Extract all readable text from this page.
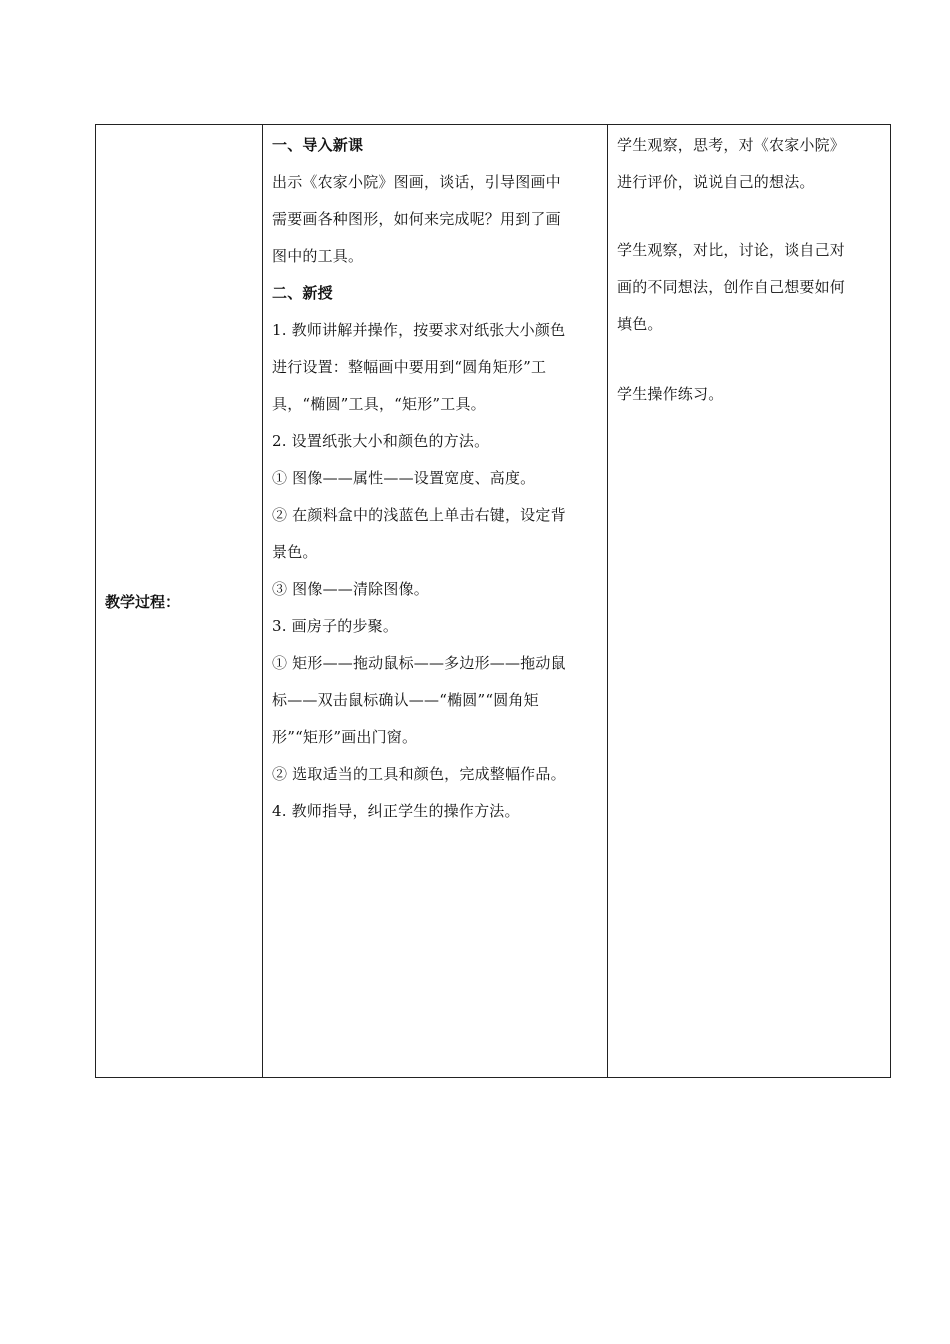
教学过程：

一、导入新课
出示《农家小院》图画，谈话，引导图画中
需要画各种图形，如何来完成呢？用到了画
图中的工具。
二、新授
1. 教师讲解并操作，按要求对纸张大小颜色
进行设置：整幅画中要用到“圆角矩形”工
具，“椭圆”工具，“矩形”工具。
2. 设置纸张大小和颜色的方法。
① 图像——属性——设置宽度、高度。
② 在颜料盒中的浅蓝色上单击右键，设定背
景色。
③ 图像——清除图像。
3. 画房子的步聚。
① 矩形——拖动鼠标——多边形——拖动鼠
标——双击鼠标确认——“椭圆”“圆角矩
形”“矩形”画出门窗。
② 选取适当的工具和颜色，完成整幅作品。
4. 教师指导，纠正学生的操作方法。

学生观察，思考，对《农家小院》
进行评价，说说自己的想法。
学生观察，对比，讨论，谈自己对
画的不同想法，创作自己想要如何
填色。
学生操作练习。
